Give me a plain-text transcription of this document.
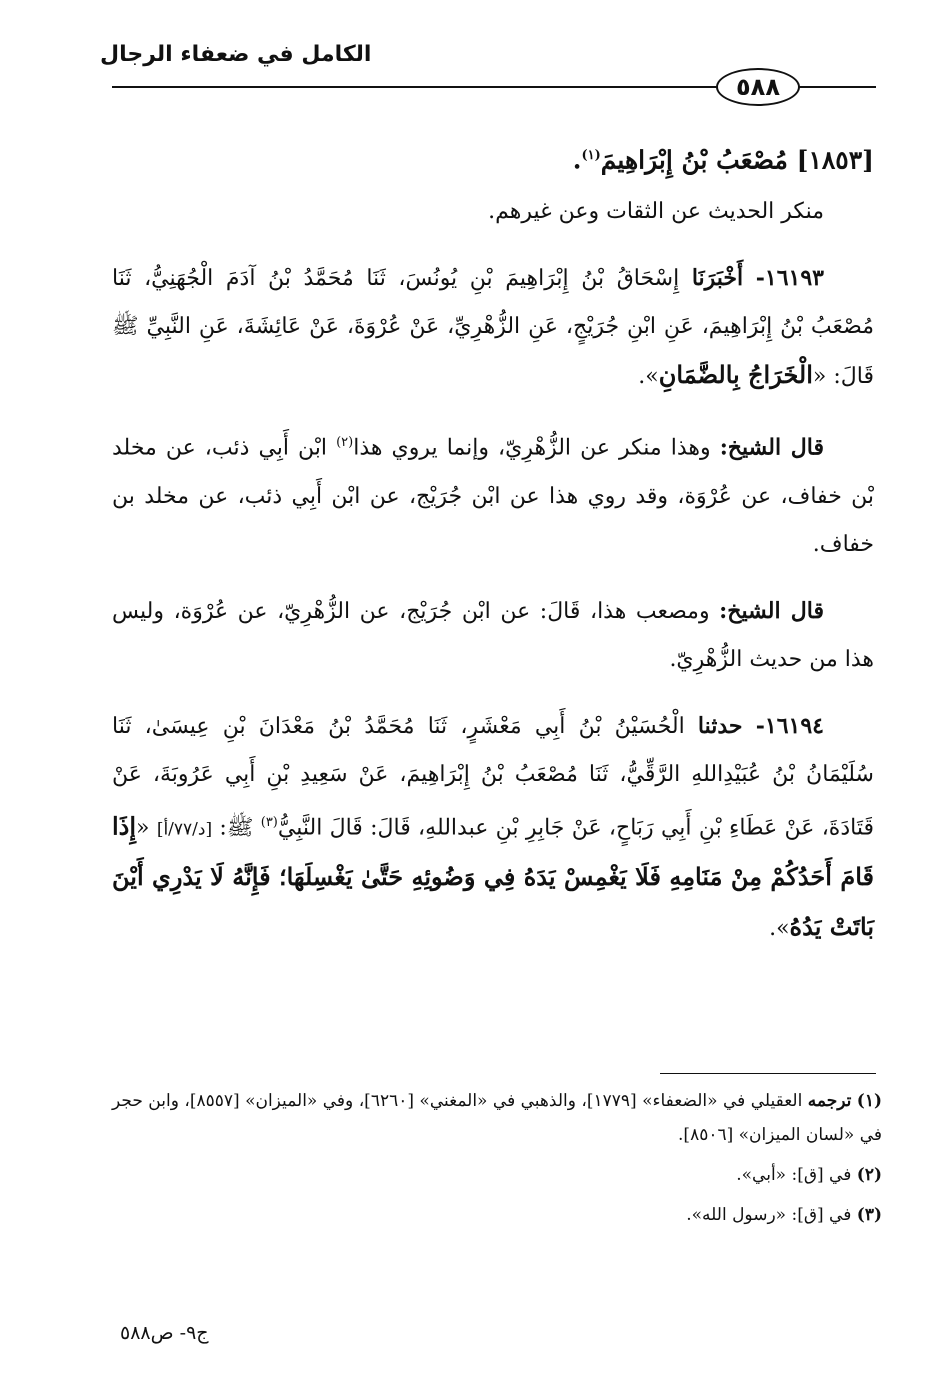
الكامل في ضعفاء الرجال
٥٨٨
[١٨٥٣] مُصْعَبُ بْنُ إِبْرَاهِيمَ$^{(١)}$.

منكر الحديث عن الثقات وعن غيرهم.

١٦١٩٣- أَخْبَرَنَا إِسْحَاقُ بْنُ إِبْرَاهِيمَ بْنِ يُونُسَ، ثَنَا مُحَمَّدُ بْنُ آدَمَ الْجُهَنِيُّ، ثَنَا مُصْعَبُ بْنُ إِبْرَاهِيمَ، عَنِ ابْنِ جُرَيْجٍ، عَنِ الزُّهْرِيِّ، عَنْ عُرْوَةَ، عَنْ عَائِشَةَ، عَنِ النَّبِيِّ ﷺ قَالَ: «الْخَرَاجُ بِالضَّمَانِ».

قال الشيخ: وهذا منكر عن الزُّهْرِيّ، وإنما يروي هذا$^{(٢)}$ ابْن أَبِي ذئب، عن مخلد بْن خفاف، عن عُرْوَة، وقد روي هذا عن ابْن جُرَيْج، عن ابْن أَبِي ذئب، عن مخلد بن خفاف.

قال الشيخ: ومصعب هذا، قَالَ: عن ابْن جُرَيْج، عن الزُّهْرِيّ، عن عُرْوَة، وليس هذا من حديث الزُّهْرِيّ.

١٦١٩٤- حدثنا الْحُسَيْنُ بْنُ أَبِي مَعْشَرٍ، ثَنَا مُحَمَّدُ بْنُ مَعْدَانَ بْنِ عِيسَىٰ، ثَنَا سُلَيْمَانُ بْنُ عُبَيْدِاللهِ الرَّقِّيُّ، ثَنَا مُصْعَبُ بْنُ إِبْرَاهِيمَ، عَنْ سَعِيدِ بْنِ أَبِي عَرُوبَةَ، عَنْ قَتَادَةَ، عَنْ عَطَاءِ بْنِ أَبِي رَبَاحٍ، عَنْ جَابِرِ بْنِ عبداللهِ، قَالَ: قَالَ النَّبِيُّ$^{(٣)}$ ﷺ: [د/٧٧/أ] «إِذَا قَامَ أَحَدُكُمْ مِنْ مَنَامِهِ فَلَا يَغْمِسْ يَدَهُ فِي وَضُوئِهِ حَتَّىٰ يَغْسِلَهَا؛ فَإِنَّهُ لَا يَدْرِي أَيْنَ بَاتَتْ يَدُهُ».

(١) ترجمه العقيلي في «الضعفاء» [١٧٧٩]، والذهبي في «المغني» [٦٢٦٠]، وفي «الميزان» [٨٥٥٧]، وابن حجر في «لسان الميزان» [٨٥٠٦].
(٢) في [ق]: «أبي».
(٣) في [ق]: «رسول الله».
ج٩- ص٥٨٨
